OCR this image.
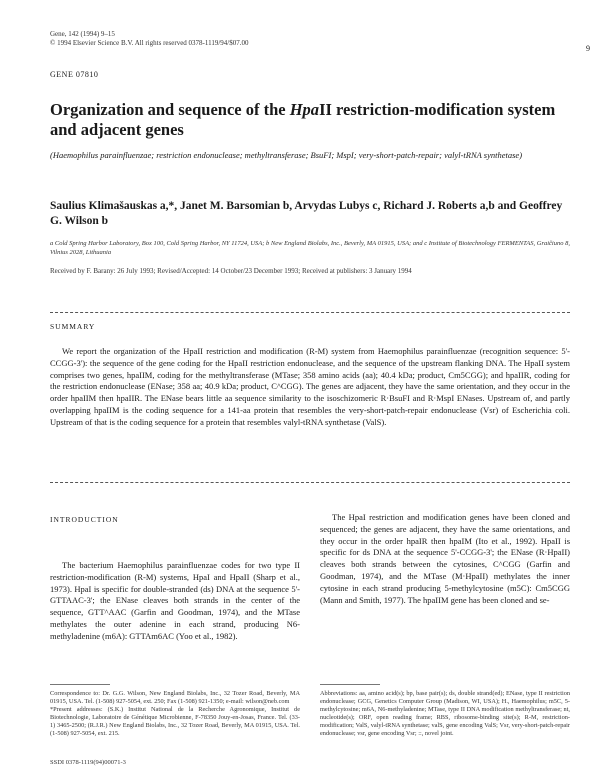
Gene, 142 (1994) 9–15
© 1994 Elsevier Science B.V. All rights reserved 0378-1119/94/$07.00
9
GENE 07810
Organization and sequence of the HpaII restriction-modification system and adjacent genes
(Haemophilus parainfluenzae; restriction endonuclease; methyltransferase; BsuFI; MspI; very-short-patch-repair; valyl-tRNA synthetase)
Saulius Klimašauskas a,*, Janet M. Barsomian b, Arvydas Lubys c, Richard J. Roberts a,b and Geoffrey G. Wilson b
a Cold Spring Harbor Laboratory, Box 100, Cold Spring Harbor, NY 11724, USA; b New England Biolabs, Inc., Beverly, MA 01915, USA; and c Institute of Biotechnology FERMENTAS, Graičiuno 8, Vilnius 2028, Lithuania
Received by F. Barany: 26 July 1993; Revised/Accepted: 14 October/23 December 1993; Received at publishers: 3 January 1994
SUMMARY

We report the organization of the HpaII restriction and modification (R-M) system from Haemophilus parainfluenzae (recognition sequence: 5'-CCGG-3'): the sequence of the gene coding for the HpaII restriction endonuclease, and the sequence of the upstream flanking DNA. The HpaII system comprises two genes, hpaIIM, coding for the methyltransferase (MTase; 358 amino acids (aa); 40.4 kDa; product, Cm5CGG); and hpaIIR, coding for the restriction endonuclease (ENase; 358 aa; 40.9 kDa; product, C^CGG). The genes are adjacent, they have the same orientation, and they occur in the order hpaIIM then hpaIIR. The ENase bears little aa sequence similarity to the isoschizomeric R·BsuFI and R·MspI ENases. Upstream of, and partly overlapping hpaIIM is the coding sequence for a 141-aa protein that resembles the very-short-patch-repair endonuclease (Vsr) of Escherichia coli. Upstream of that is the coding sequence for a protein that resembles valyl-tRNA synthetase (ValS).

INTRODUCTION

The bacterium Haemophilus parainfluenzae codes for two type II restriction-modification (R-M) systems, HpaI and HpaII (Sharp et al., 1973). HpaI is specific for double-stranded (ds) DNA at the sequence 5'-GTTAAC-3'; the ENase cleaves both strands in the center of the sequence, GTT^AAC (Garfin and Goodman, 1974), and the MTase methylates the outer adenine in each strand, producing N6-methyladenine (m6A): GTTAm6AC (Yoo et al., 1982).

The HpaI restriction and modification genes have been cloned and sequenced; the genes are adjacent, they have the same orientations, and they occur in the order hpaIR then hpaIM (Ito et al., 1992). HpaII is specific for ds DNA at the sequence 5'-CCGG-3'; the ENase (R·HpaII) cleaves both strands between the cytosines, C^CGG (Garfin and Goodman, 1974), and the MTase (M·HpaII) methylates the inner cytosine in each strand producing 5-methylcytosine (m5C): Cm5CGG (Mann and Smith, 1977). The hpaIIM gene has been cloned and se-

Correspondence to: Dr. G.G. Wilson, New England Biolabs, Inc., 32 Tozer Road, Beverly, MA 01915, USA. Tel. (1-508) 927-5054, ext. 250; Fax (1-508) 921-1350; e-mail: wilson@neb.com

*Present addresses: (S.K.) Institut National de la Recherche Agronomique, Institut de Biotechnologie, Laboratoire de Génétique Microbienne, F-78350 Jouy-en-Josas, France. Tel. (33-1) 3465-2500; (R.J.R.) New England Biolabs, Inc., 32 Tozer Road, Beverly, MA 01915, USA. Tel. (1-508) 927-5054, ext. 215.

Abbreviations: aa, amino acid(s); bp, base pair(s); ds, double strand(ed); ENase, type II restriction endonuclease; GCG, Genetics Computer Group (Madison, WI, USA); H., Haemophilus; m5C, 5-methylcytosine; m6A, N6-methyladenine; MTase, type II DNA modification methyltransferase; nt, nucleotide(s); ORF, open reading frame; RBS, ribosome-binding site(s); R-M, restriction-modification; ValS, valyl-tRNA synthetase; valS, gene encoding ValS; Vsr, very-short-patch-repair endonuclease; vsr, gene encoding Vsr; ::, novel joint.

SSDI 0378-1119(94)00071-3
